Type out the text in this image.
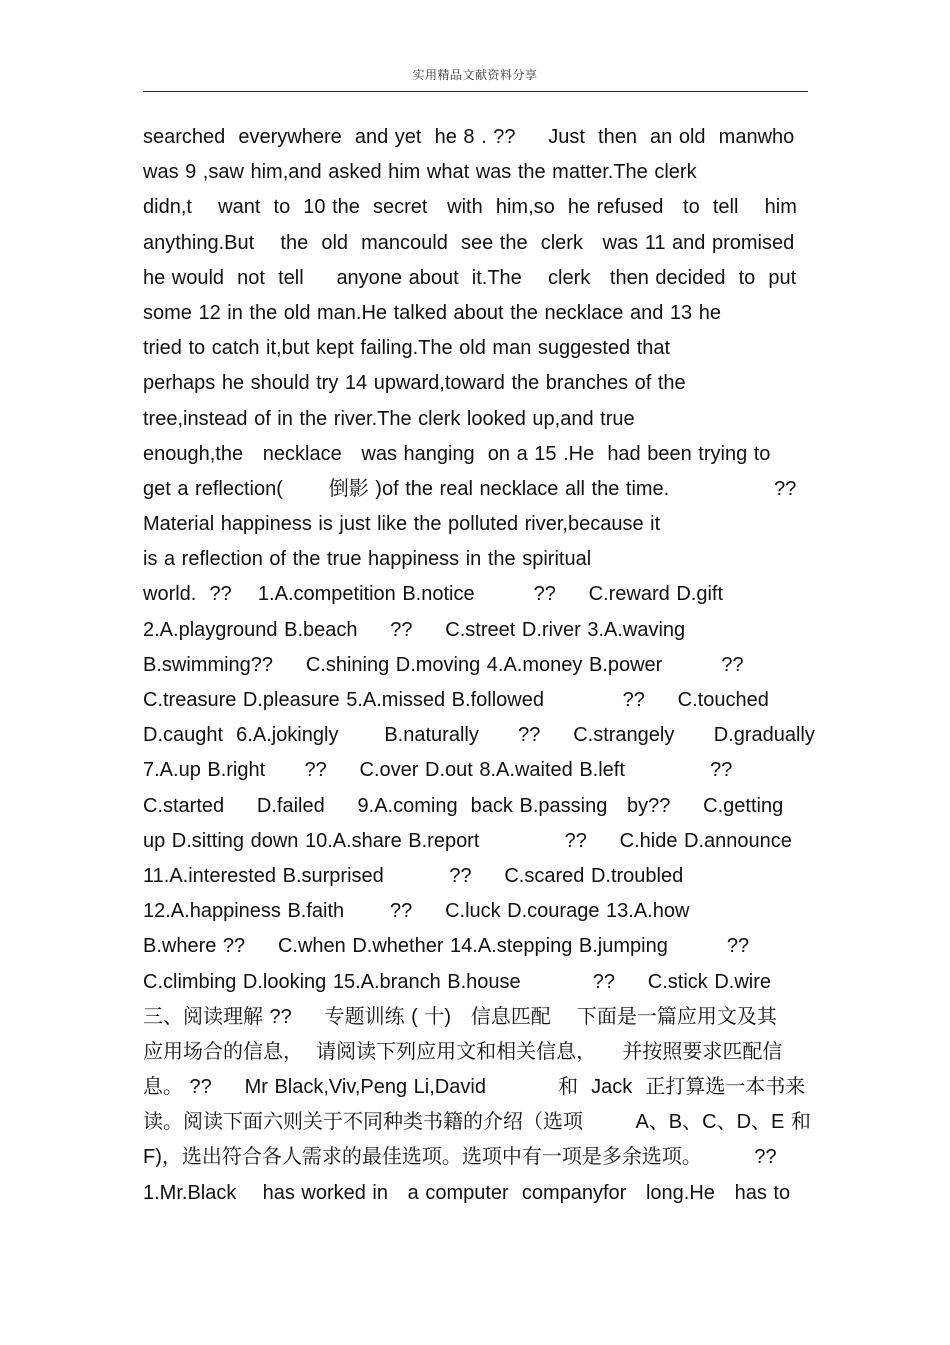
实用精品文献资料分享
searched  everywhere  and yet  he 8 . ??     Just  then  an old  manwho
was 9 ,saw him,and asked him what was the matter.The clerk
didn,t    want  to  10 the  secret   with  him,so  he refused   to  tell    him
anything.But    the  old  mancould  see the  clerk   was 11 and promised
he would  not  tell     anyone about  it.The    clerk   then decided  to  put
some 12 in the old man.He talked about the necklace and 13 he
tried to catch it,but kept failing.The old man suggested that
perhaps he should try 14 upward,toward the branches of the
tree,instead of in the river.The clerk looked up,and true
enough,the   necklace   was hanging  on a 15 .He  had been trying to
get a reflection(       倒影 )of the real necklace all the time.                ??
Material happiness is just like the polluted river,because it
is a reflection of the true happiness in the spiritual
world.  ??    1.A.competition B.notice         ??     C.reward D.gift
2.A.playground B.beach     ??     C.street D.river 3.A.waving
B.swimming??     C.shining D.moving 4.A.money B.power         ??
C.treasure D.pleasure 5.A.missed B.followed            ??     C.touched
D.caught  6.A.jokingly       B.naturally      ??     C.strangely      D.gradually
7.A.up B.right      ??     C.over D.out 8.A.waited B.left             ??
C.started     D.failed     9.A.coming  back B.passing   by??     C.getting
up D.sitting down 10.A.share B.report             ??     C.hide D.announce
11.A.interested B.surprised          ??     C.scared D.troubled
12.A.happiness B.faith       ??     C.luck D.courage 13.A.how
B.where ??     C.when D.whether 14.A.stepping B.jumping         ??
C.climbing D.looking 15.A.branch B.house           ??     C.stick D.wire
三、阅读理解 ??     专题训练 ( 十)   信息匹配    下面是一篇应用文及其
应用场合的信息，  请阅读下列应用文和相关信息，    并按照要求匹配信
息。 ??     Mr Black,Viv,Peng Li,David           和  Jack  正打算选一本书来
读。阅读下面六则关于不同种类书籍的介绍（选项        A、B、C、D、E 和
F)，选出符合各人需求的最佳选项。选项中有一项是多余选项。        ??
1.Mr.Black    has worked in   a computer  companyfor   long.He   has to
